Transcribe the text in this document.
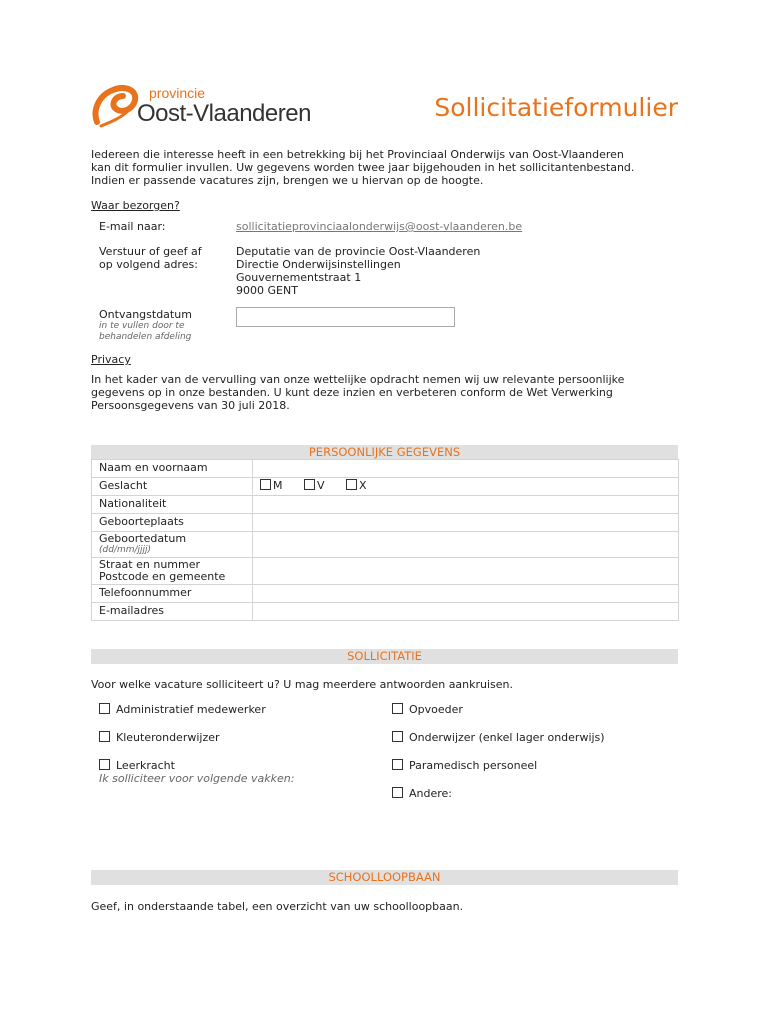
provincie
Oost-Vlaanderen	Sollicitatieformulier
Iedereen die interesse heeft in een betrekking bij het Provinciaal Onderwijs van Oost-Vlaanderen
kan dit formulier invullen. Uw gegevens worden twee jaar bijgehouden in het sollicitantenbestand.
Indien er passende vacatures zijn, brengen we u hiervan op de hoogte.
Waar bezorgen?
E-mail naar:	sollicitatieprovinciaalonderwijs@oost-vlaanderen.be
Verstuur of geef af
op volgend adres:
Deputatie van de provincie Oost-Vlaanderen
Directie Onderwijsinstellingen
Gouvernementstraat 1
9000 GENT
Ontvangstdatum
in te vullen door te
behandelen afdeling
Privacy
In het kader van de vervulling van onze wettelijke opdracht nemen wij uw relevante persoonlijke
gegevens op in onze bestanden. U kunt deze inzien en verbeteren conform de Wet Verwerking
Persoonsgegevens van 30 juli 2018.
PERSOONLIJKE GEGEVENS
Naam en voornaam	
Geslacht	M V X
Nationaliteit	
Geboorteplaats	

Geboortedatum
(dd/mm/jjjj)	

Straat en nummer
Postcode en gemeente	

Telefoonnummer	
E-mailadres	
SOLLICITATIE
Voor welke vacature solliciteert u? U mag meerdere antwoorden aankruisen.
Administratief medewerker	Opvoeder
Kleuteronderwijzer	Onderwijzer (enkel lager onderwijs)
Leerkracht
Ik solliciteer voor volgende vakken:
Paramedisch personeel
Andere:
SCHOOLLOOPBAAN
Geef, in onderstaande tabel, een overzicht van uw schoolloopbaan.
